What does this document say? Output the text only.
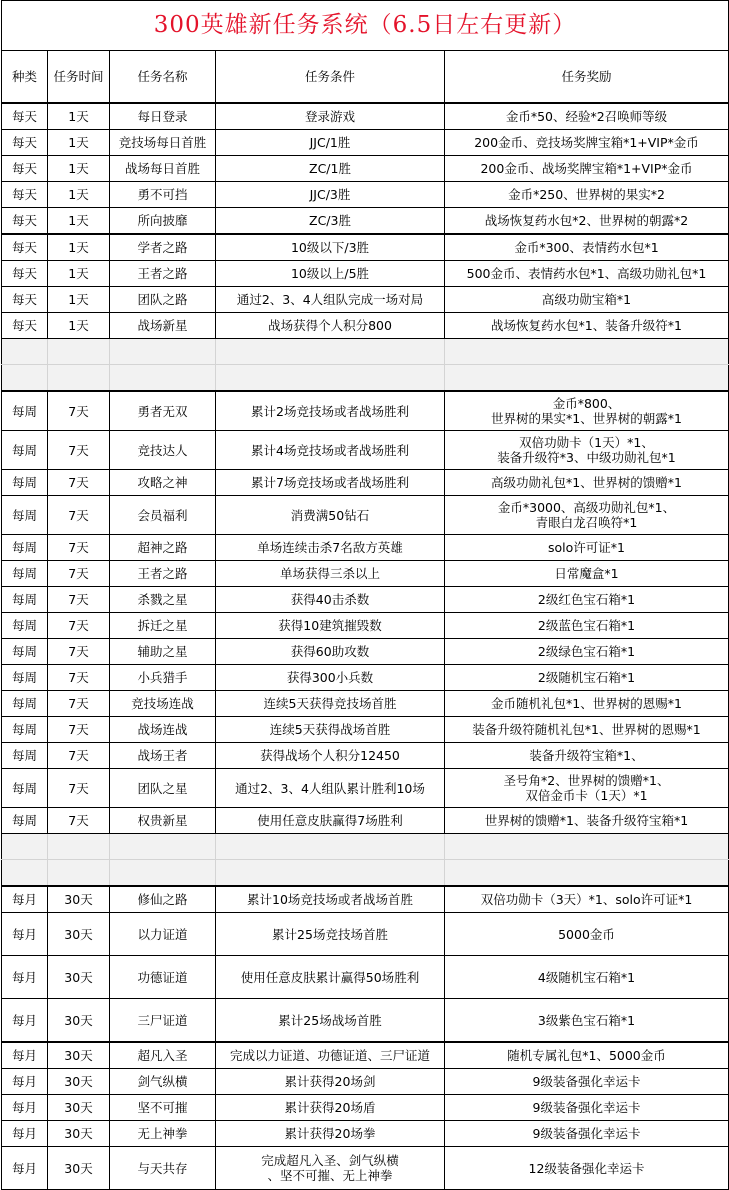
300英雄新任务系统（6.5日左右更新）				
种类	任务时间	任务名称	任务条件	任务奖励

每天	1天	每日登录	登录游戏	金币*50、经验*2召唤师等级

每天	1天	竞技场每日首胜	JJC/1胜	200金币、竞技场奖牌宝箱*1+VIP*金币

每天	1天	战场每日首胜	ZC/1胜	200金币、战场奖牌宝箱*1+VIP*金币

每天	1天	勇不可挡	JJC/3胜	金币*250、世界树的果实*2

每天	1天	所向披靡	ZC/3胜	战场恢复药水包*2、世界树的朝露*2

每天	1天	学者之路	10级以下/3胜	金币*300、表情药水包*1

每天	1天	王者之路	10级以上/5胜	500金币、表情药水包*1、高级功勋礼包*1

每天	1天	团队之路	通过2、3、4人组队完成一场对局	高级功勋宝箱*1

每天	1天	战场新星	战场获得个人积分800	战场恢复药水包*1、装备升级符*1

每周	7天	勇者无双	累计2场竞技场或者战场胜利	金币*800、
世界树的果实*1、世界树的朝露*1

每周	7天	竞技达人	累计4场竞技场或者战场胜利	双倍功勋卡（1天）*1、
装备升级符*3、中级功勋礼包*1

每周	7天	攻略之神	累计7场竞技场或者战场胜利	高级功勋礼包*1、世界树的馈赠*1

每周	7天	会员福利	消费满50钻石	金币*3000、高级功勋礼包*1、
青眼白龙召唤符*1

每周	7天	超神之路	单场连续击杀7名敌方英雄	solo许可证*1

每周	7天	王者之路	单场获得三杀以上	日常魔盒*1

每周	7天	杀戮之星	获得40击杀数	2级红色宝石箱*1

每周	7天	拆迁之星	获得10建筑摧毁数	2级蓝色宝石箱*1

每周	7天	辅助之星	获得60助攻数	2级绿色宝石箱*1

每周	7天	小兵猎手	获得300小兵数	2级随机宝石箱*1

每周	7天	竞技场连战	连续5天获得竞技场首胜	金币随机礼包*1、世界树的恩赐*1

每周	7天	战场连战	连续5天获得战场首胜	装备升级符随机礼包*1、世界树的恩赐*1

每周	7天	战场王者	获得战场个人积分12450	装备升级符宝箱*1、

每周	7天	团队之星	通过2、3、4人组队累计胜利10场	圣号角*2、世界树的馈赠*1、
双倍金币卡（1天）*1

每周	7天	权贵新星	使用任意皮肤赢得7场胜利	世界树的馈赠*1、装备升级符宝箱*1

每月	30天	修仙之路	累计10场竞技场或者战场首胜	双倍功勋卡（3天）*1、solo许可证*1

每月	30天	以力证道	累计25场竞技场首胜	5000金币

每月	30天	功德证道	使用任意皮肤累计赢得50场胜利	4级随机宝石箱*1

每月	30天	三尸证道	累计25场战场首胜	3级紫色宝石箱*1

每月	30天	超凡入圣	完成以力证道、功德证道、三尸证道	随机专属礼包*1、5000金币

每月	30天	剑气纵横	累计获得20场剑	9级装备强化幸运卡

每月	30天	坚不可摧	累计获得20场盾	9级装备强化幸运卡

每月	30天	无上神拳	累计获得20场拳	9级装备强化幸运卡

每月	30天	与天共存	完成超凡入圣、剑气纵横
、坚不可摧、无上神拳	12级装备强化幸运卡
